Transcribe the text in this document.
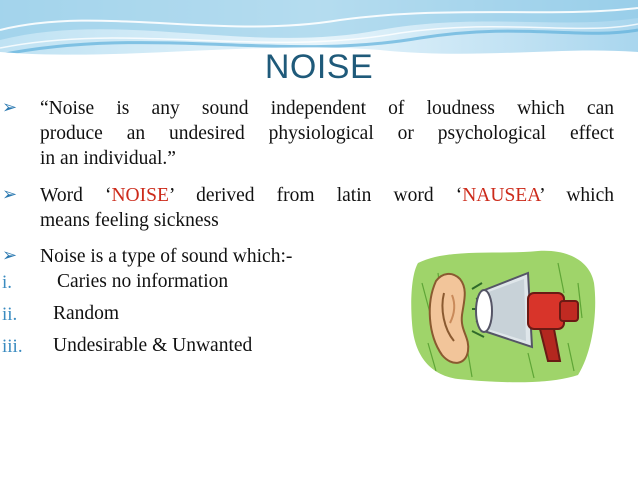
NOISE
➢ “Noise is any sound independent of loudness which can
produce an undesired physiological or psychological effect
in an individual.”
➢ Word ‘NOISE’ derived from latin word ‘NAUSEA’ which
means feeling sickness
➢ Noise is a type of sound which:-
i. Caries no information
ii. Random
iii. Undesirable & Unwanted
